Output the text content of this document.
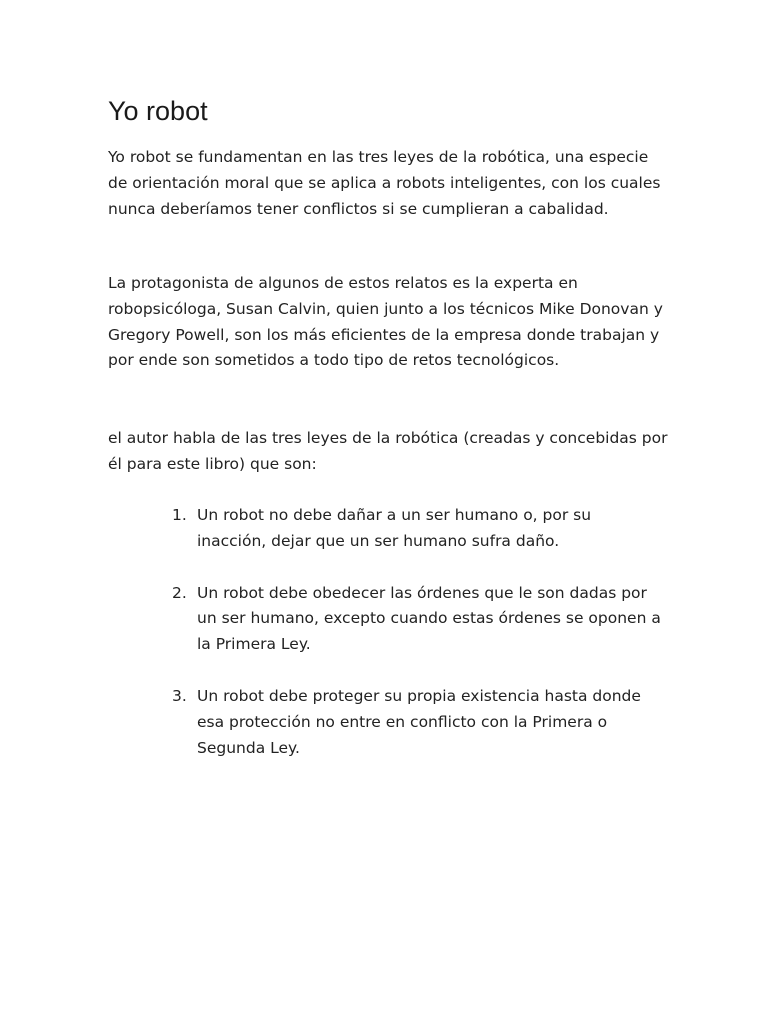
Yo robot

Yo robot se fundamentan en las tres leyes de la robótica, una especie de orientación moral que se aplica a robots inteligentes, con los cuales nunca deberíamos tener conflictos si se cumplieran a cabalidad.

La protagonista de algunos de estos relatos es la experta en robopsicóloga, Susan Calvin, quien junto a los técnicos Mike Donovan y Gregory Powell, son los más eficientes de la empresa donde trabajan y por ende son sometidos a todo tipo de retos tecnológicos.

el autor habla de las tres leyes de la robótica (creadas y concebidas por él para este libro) que son:

1. Un robot no debe dañar a un ser humano o, por su inacción, dejar que un ser humano sufra daño.
2. Un robot debe obedecer las órdenes que le son dadas por un ser humano, excepto cuando estas órdenes se oponen a la Primera Ley.
3. Un robot debe proteger su propia existencia hasta donde esa protección no entre en conflicto con la Primera o Segunda Ley.
